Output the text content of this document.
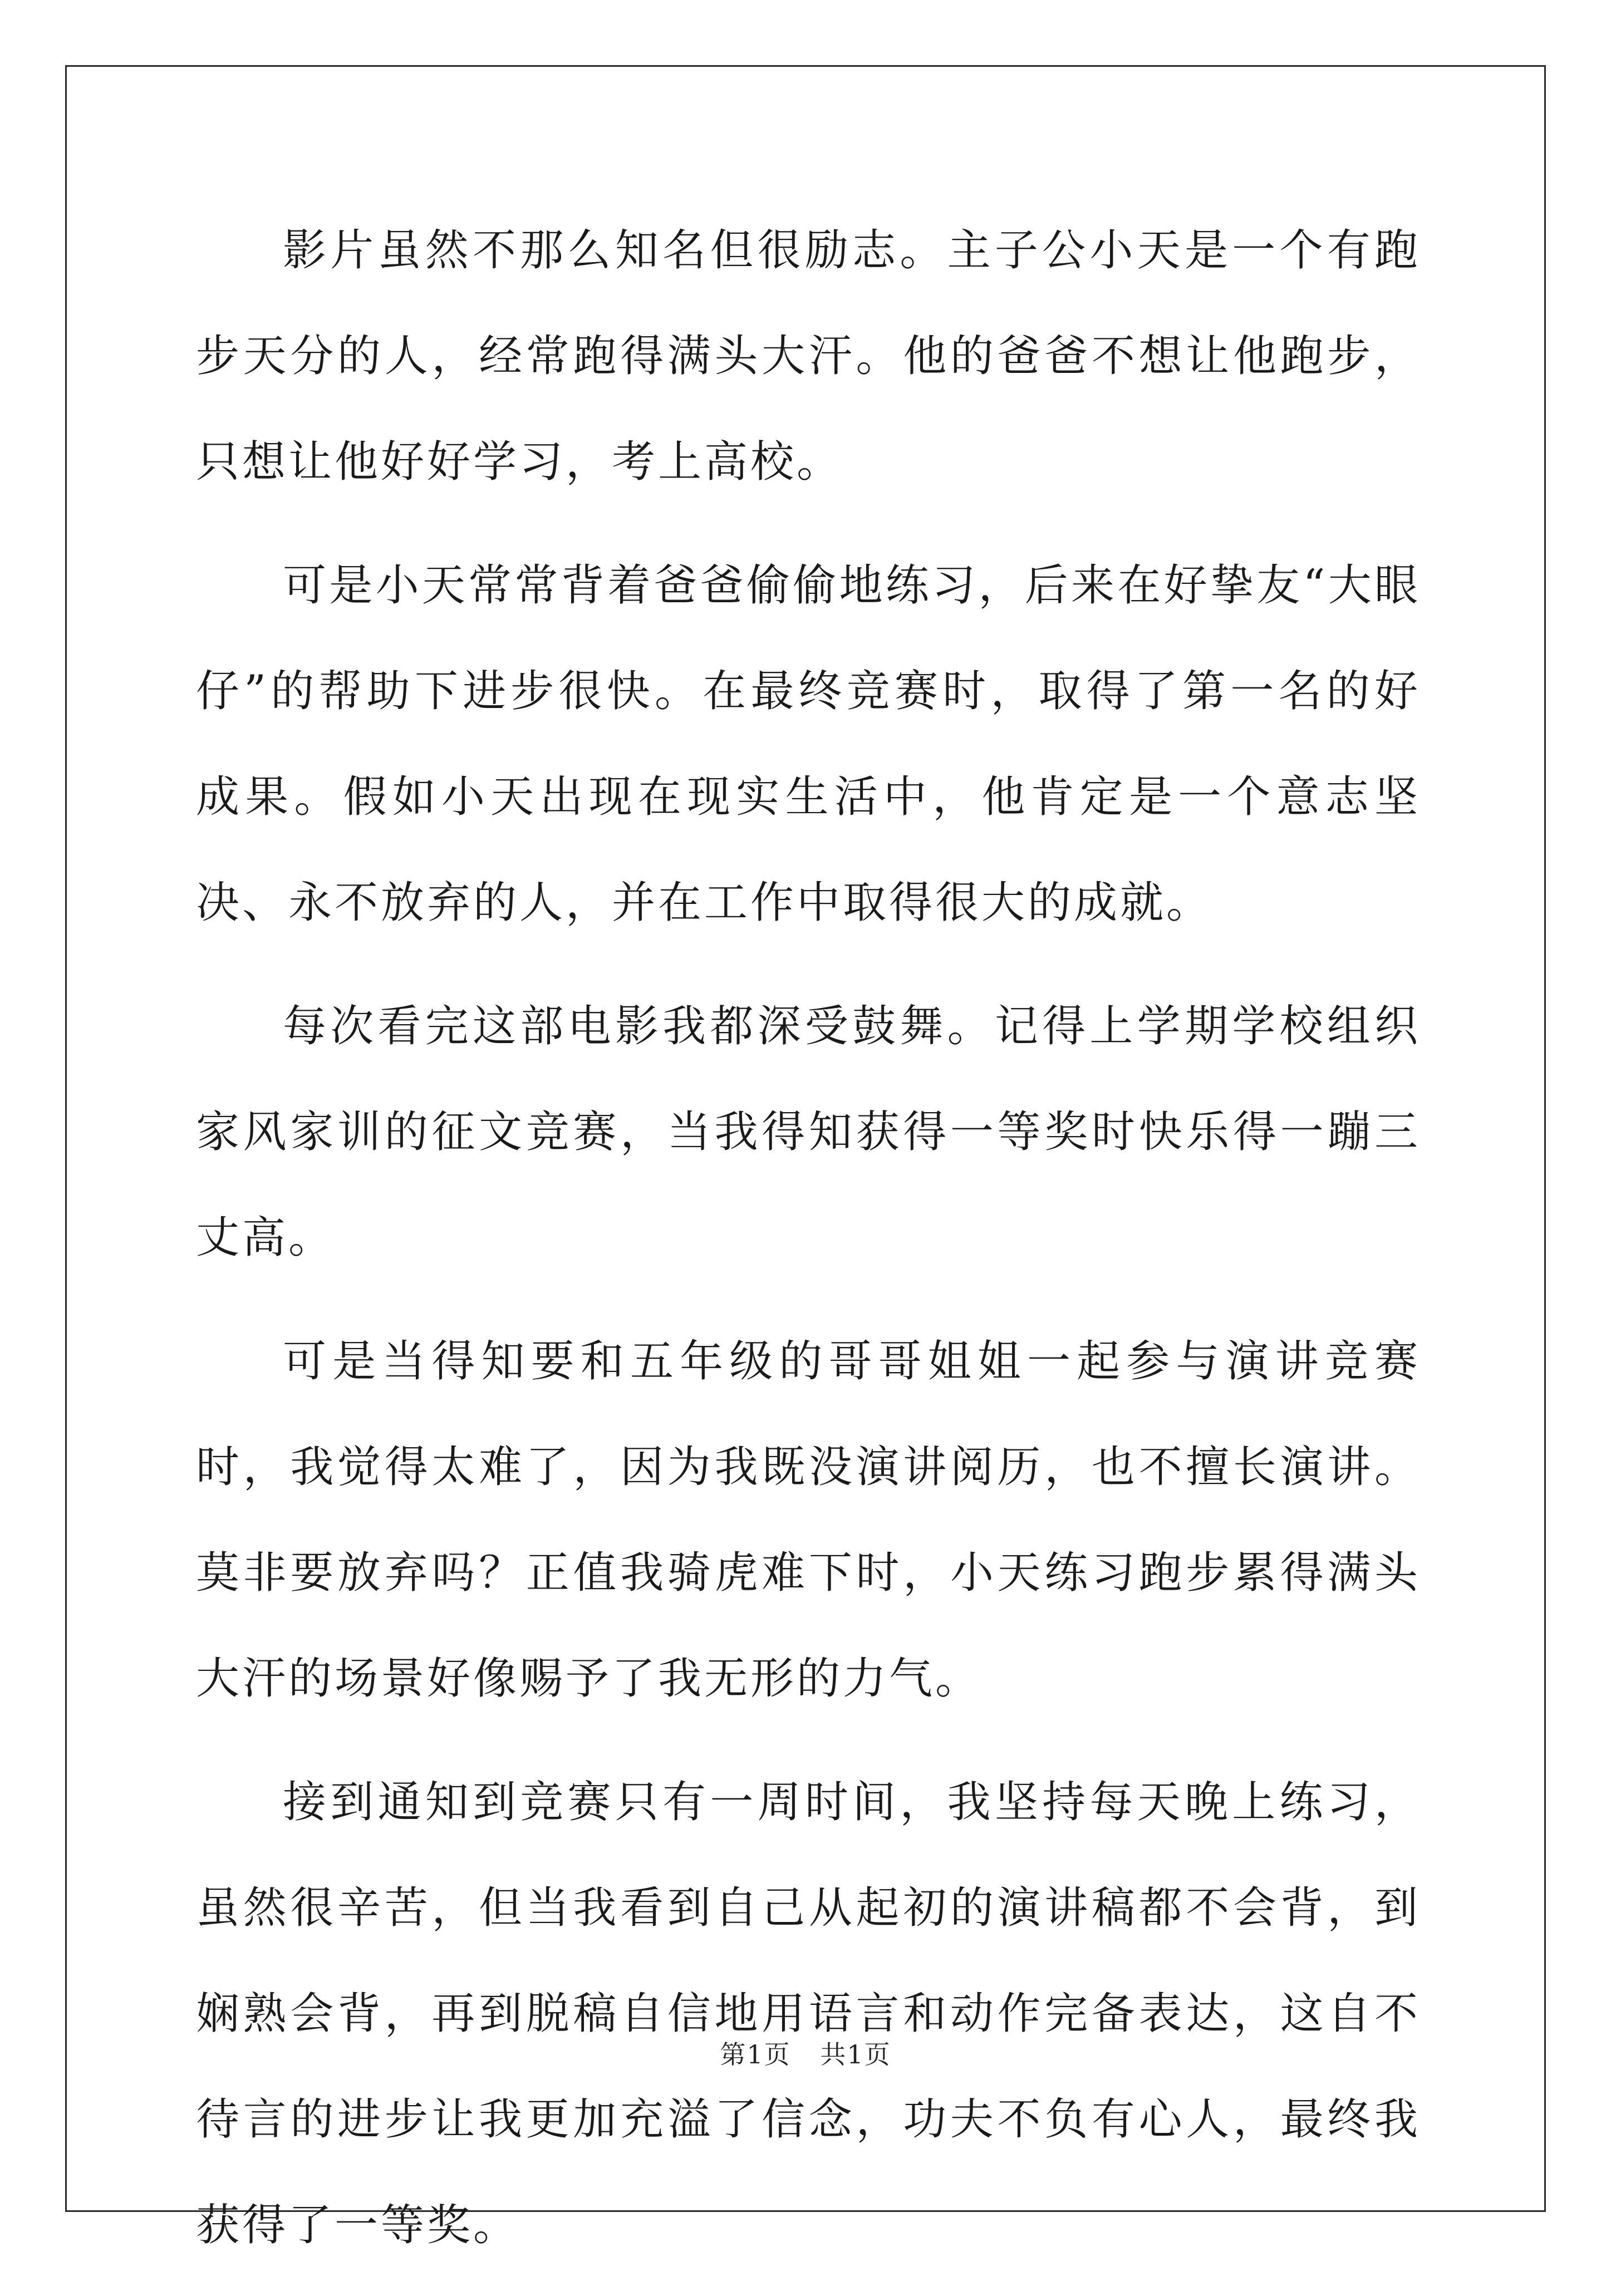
影片虽然不那么知名但很励志。主子公小天是一个有跑步天分的人，经常跑得满头大汗。他的爸爸不想让他跑步，只想让他好好学习，考上高校。

可是小天常常背着爸爸偷偷地练习，后来在好挚友“大眼仔”的帮助下进步很快。在最终竞赛时，取得了第一名的好成果。假如小天出现在现实生活中，他肯定是一个意志坚决、永不放弃的人，并在工作中取得很大的成就。

每次看完这部电影我都深受鼓舞。记得上学期学校组织家风家训的征文竞赛，当我得知获得一等奖时快乐得一蹦三丈高。

可是当得知要和五年级的哥哥姐姐一起参与演讲竞赛时，我觉得太难了，因为我既没演讲阅历，也不擅长演讲。莫非要放弃吗？正值我骑虎难下时，小天练习跑步累得满头大汗的场景好像赐予了我无形的力气。

接到通知到竞赛只有一周时间，我坚持每天晚上练习，虽然很辛苦，但当我看到自己从起初的演讲稿都不会背，到娴熟会背，再到脱稿自信地用语言和动作完备表达，这自不待言的进步让我更加充溢了信念，功夫不负有心人，最终我获得了一等奖。

第1页 共1页
